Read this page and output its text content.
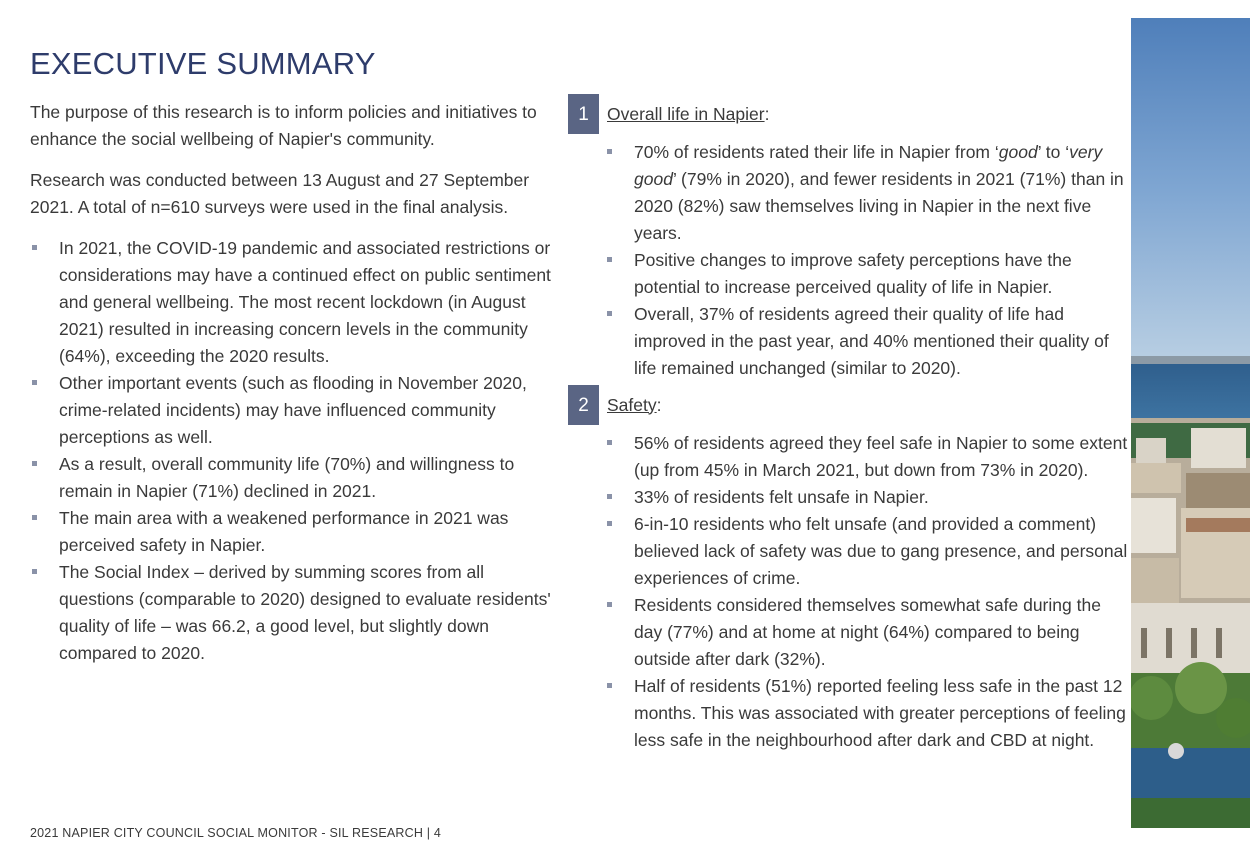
EXECUTIVE SUMMARY

The purpose of this research is to inform policies and initiatives to enhance the social wellbeing of Napier's community.

Research was conducted between 13 August and 27 September 2021. A total of n=610 surveys were used in the final analysis.

In 2021, the COVID-19 pandemic and associated restrictions or considerations may have a continued effect on public sentiment and general wellbeing. The most recent lockdown (in August 2021) resulted in increasing concern levels in the community (64%), exceeding the 2020 results.
Other important events (such as flooding in November 2020, crime-related incidents) may have influenced community perceptions as well.
As a result, overall community life (70%) and willingness to remain in Napier (71%) declined in 2021.
The main area with a weakened performance in 2021 was perceived safety in Napier.
The Social Index – derived by summing scores from all questions (comparable to 2020) designed to evaluate residents' quality of life – was 66.2, a good level, but slightly down compared to 2020.
1	Overall life in Napier:
70% of residents rated their life in Napier from ‘good’ to ‘very good’ (79% in 2020), and fewer residents in 2021 (71%) than in 2020 (82%) saw themselves living in Napier in the next five years.
Positive changes to improve safety perceptions have the potential to increase perceived quality of life in Napier.
Overall, 37% of residents agreed their quality of life had improved in the past year, and 40% mentioned their quality of life remained unchanged (similar to 2020).
2	Safety:
56% of residents agreed they feel safe in Napier to some extent (up from 45% in March 2021, but down from 73% in 2020).
33% of residents felt unsafe in Napier.
6-in-10 residents who felt unsafe (and provided a comment) believed lack of safety was due to gang presence, and personal experiences of crime.
Residents considered themselves somewhat safe during the day (77%) and at home at night (64%) compared to being outside after dark (32%).
Half of residents (51%) reported feeling less safe in the past 12 months. This was associated with greater perceptions of feeling less safe in the neighbourhood after dark and CBD at night.
2021 NAPIER CITY COUNCIL SOCIAL MONITOR - SIL RESEARCH | 4
